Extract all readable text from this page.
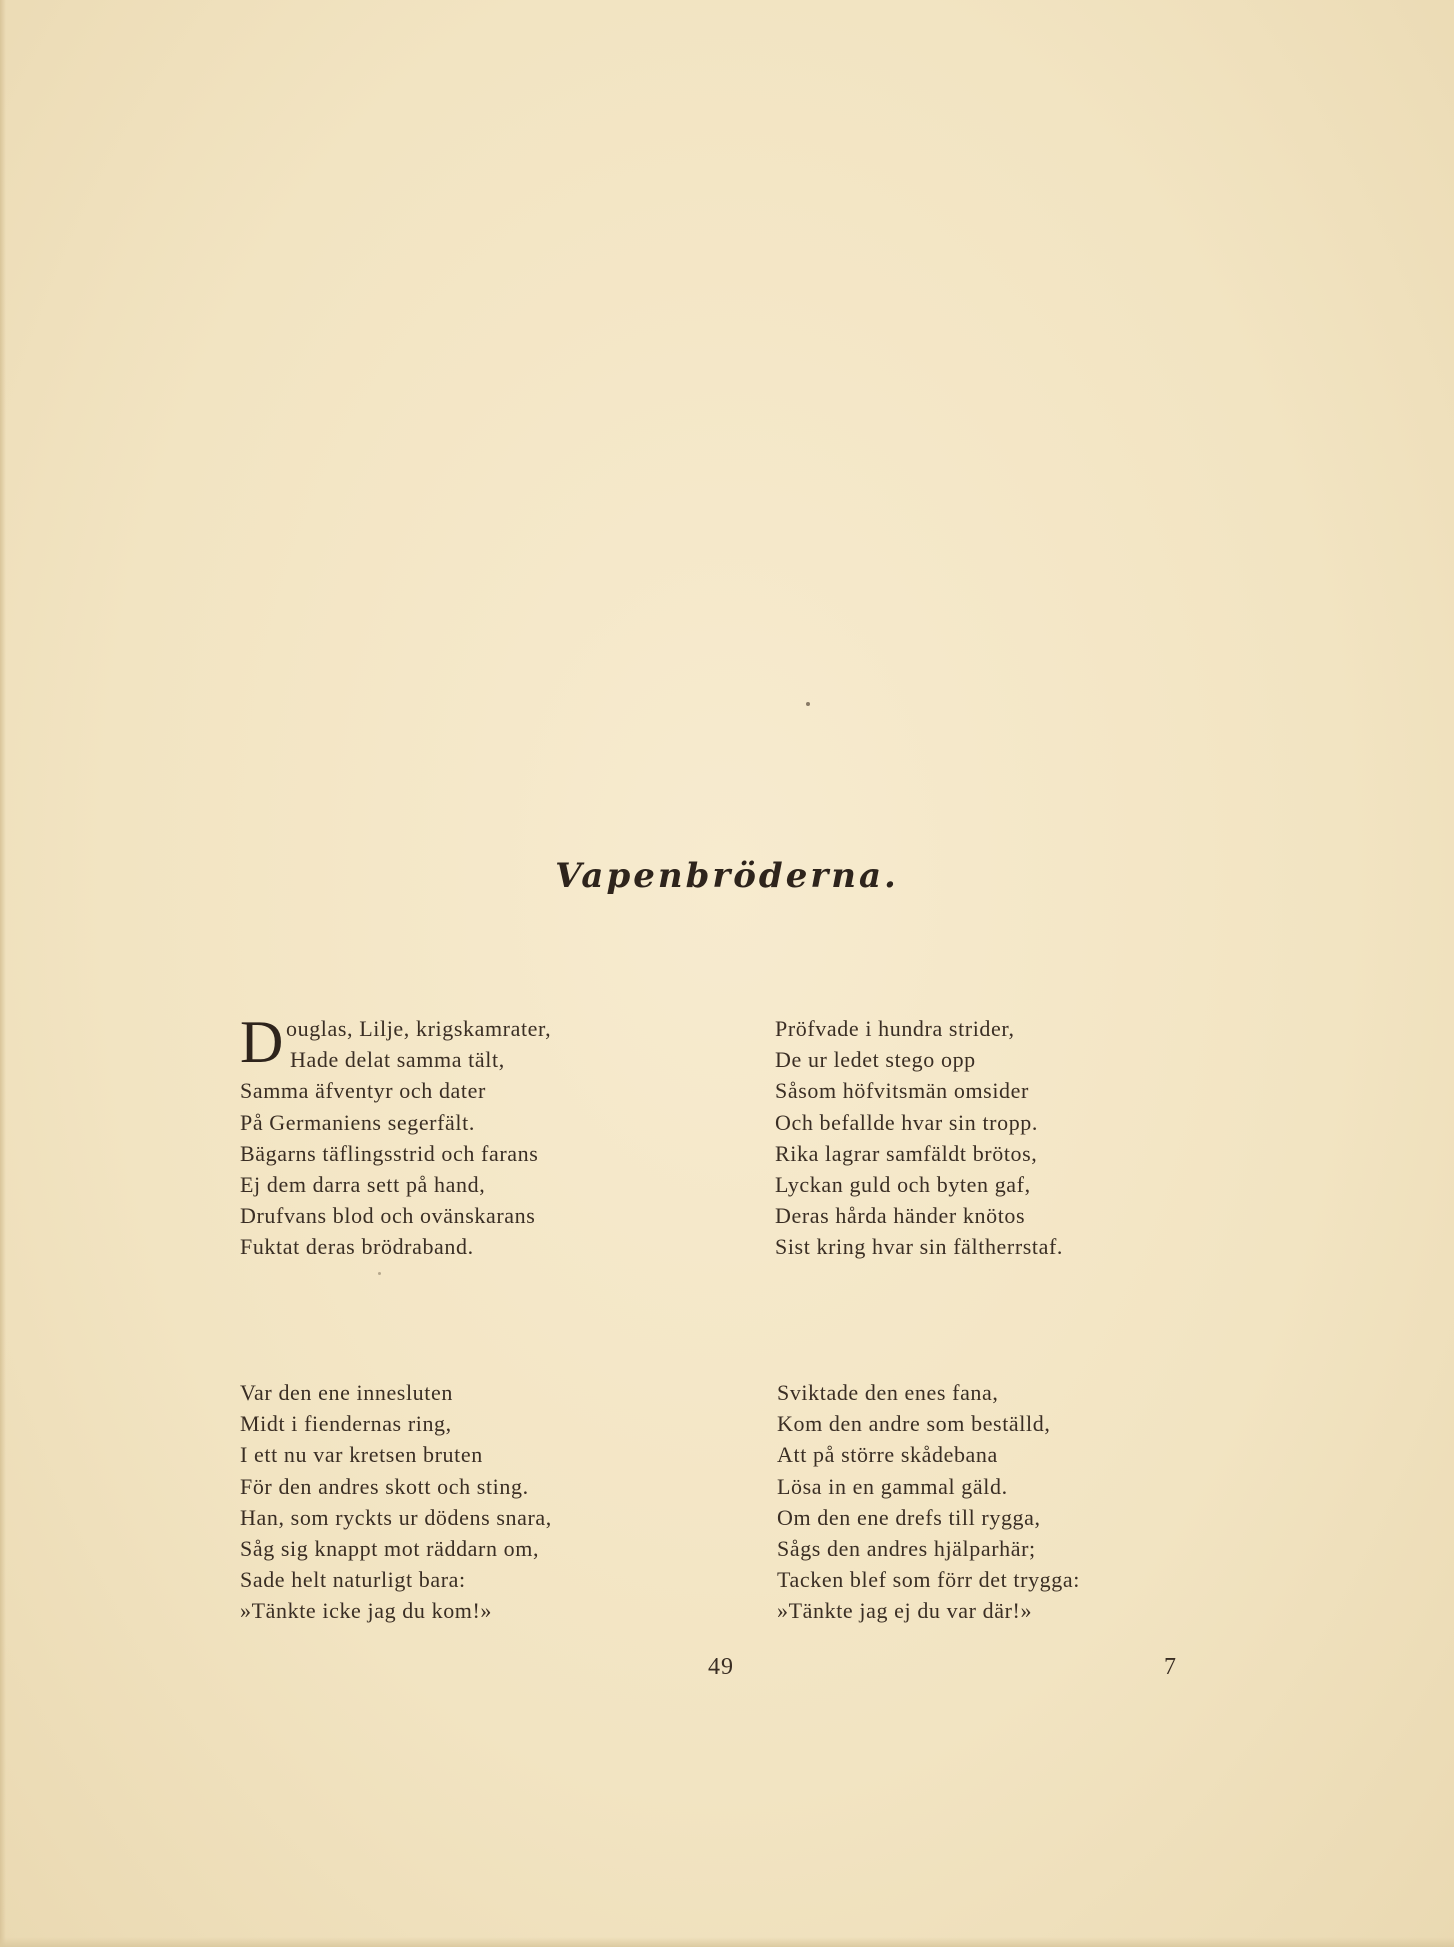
Vapenbröderna.
D ouglas, Lilje, krigskamrater,
Hade delat samma tält,
Samma äfventyr och dater
På Germaniens segerfält.
Bägarns täflingsstrid och farans
Ej dem darra sett på hand,
Drufvans blod och ovänskarans
Fuktat deras brödraband.
Pröfvade i hundra strider,
De ur ledet stego opp
Såsom höfvitsmän omsider
Och befallde hvar sin tropp.
Rika lagrar samfäldt brötos,
Lyckan guld och byten gaf,
Deras hårda händer knötos
Sist kring hvar sin fältherrstaf.
Var den ene innesluten
Midt i fiendernas ring,
I ett nu var kretsen bruten
För den andres skott och sting.
Han, som ryckts ur dödens snara,
Såg sig knappt mot räddarn om,
Sade helt naturligt bara:
»Tänkte icke jag du kom!»
Sviktade den enes fana,
Kom den andre som beställd,
Att på större skådebana
Lösa in en gammal gäld.
Om den ene drefs till rygga,
Sågs den andres hjälparhär;
Tacken blef som förr det trygga:
»Tänkte jag ej du var där!»
49	7
